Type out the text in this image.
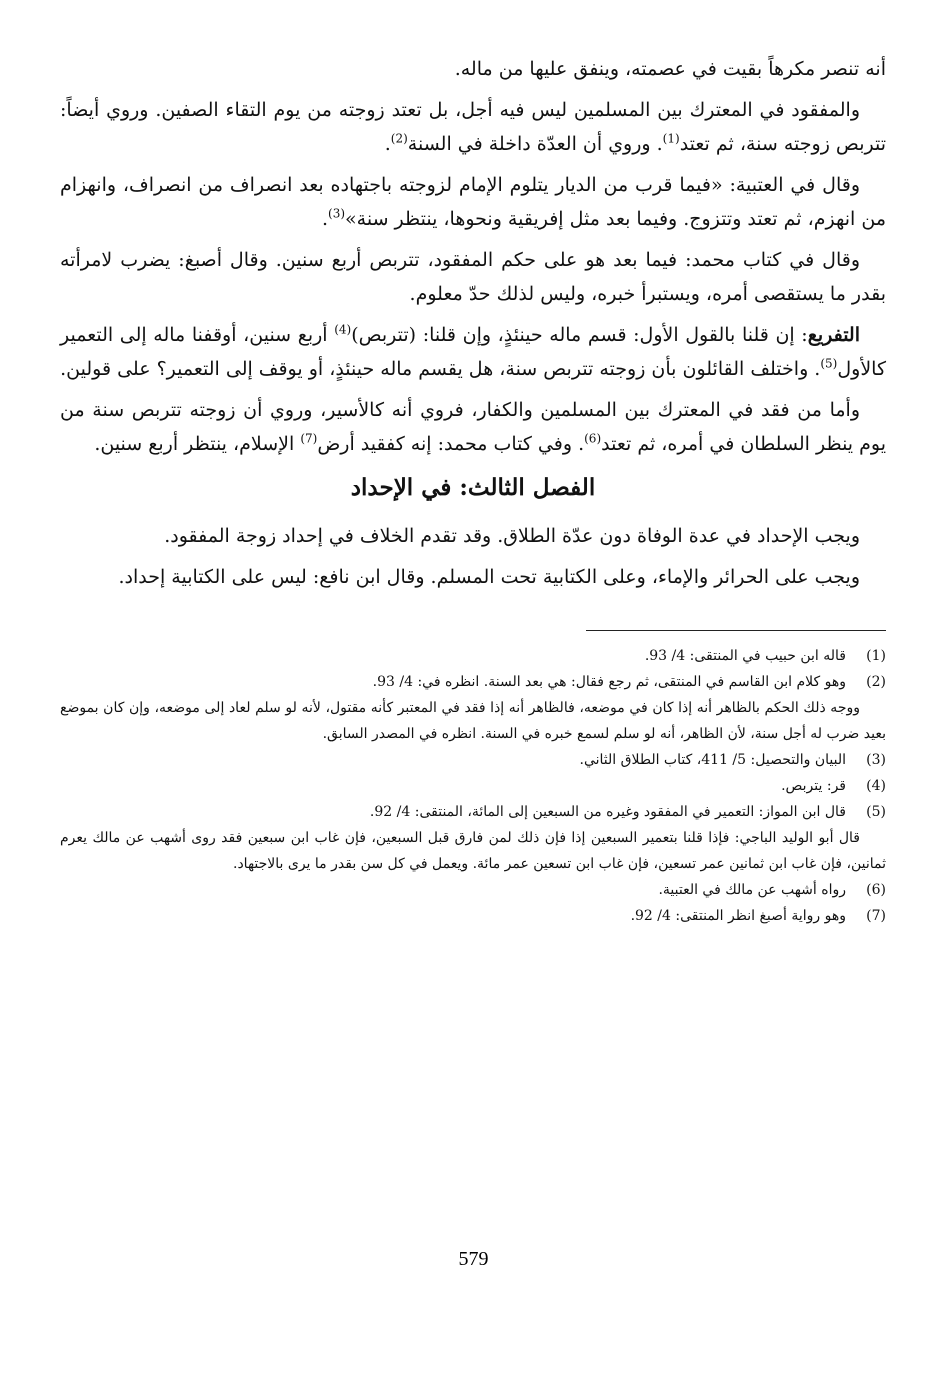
أنه تنصر مكرهاً بقيت في عصمته، وينفق عليها من ماله.

والمفقود في المعترك بين المسلمين ليس فيه أجل، بل تعتد زوجته من يوم التقاء الصفين. وروي أيضاً: تتربص زوجته سنة، ثم تعتد$^{(1)}$. وروي أن العدّة داخلة في السنة$^{(2)}$.

وقال في العتبية: «فيما قرب من الديار يتلوم الإمام لزوجته باجتهاده بعد انصراف من انصراف، وانهزام من انهزم، ثم تعتد وتتزوج. وفيما بعد مثل إفريقية ونحوها، ينتظر سنة»$^{(3)}$.

وقال في كتاب محمد: فيما بعد هو على حكم المفقود، تتربص أربع سنين. وقال أصبغ: يضرب لامرأته بقدر ما يستقصى أمره، ويستبرأ خبره، وليس لذلك حدّ معلوم.

التفريع: إن قلنا بالقول الأول: قسم ماله حينئذٍ، وإن قلنا: (تتربص)$^{(4)}$ أربع سنين، أوقفنا ماله إلى التعمير كالأول$^{(5)}$. واختلف القائلون بأن زوجته تتربص سنة، هل يقسم ماله حينئذٍ، أو يوقف إلى التعمير؟ على قولين.

وأما من فقد في المعترك بين المسلمين والكفار، فروي أنه كالأسير، وروي أن زوجته تتربص سنة من يوم ينظر السلطان في أمره، ثم تعتد$^{(6)}$. وفي كتاب محمد: إنه كفقيد أرض$^{(7)}$ الإسلام، ينتظر أربع سنين.

الفصل الثالث: في الإحداد

ويجب الإحداد في عدة الوفاة دون عدّة الطلاق. وقد تقدم الخلاف في إحداد زوجة المفقود.

ويجب على الحرائر والإماء، وعلى الكتابية تحت المسلم. وقال ابن نافع: ليس على الكتابية إحداد.

(1)
قاله ابن حبيب في المنتقى: 4/ 93.
(2)
وهو كلام ابن القاسم في المنتقى، ثم رجع فقال: هي بعد السنة. انظره في: 4/ 93.
ووجه ذلك الحكم بالظاهر أنه إذا كان في موضعه، فالظاهر أنه إذا فقد في المعتبر كأنه مقتول، لأنه لو سلم لعاد إلى موضعه، وإن كان بموضع بعيد ضرب له أجل سنة، لأن الظاهر، أنه لو سلم لسمع خبره في السنة. انظره في المصدر السابق.
(3)
البيان والتحصيل: 5/ 411، كتاب الطلاق الثاني.
(4)
قر: يتربص.
(5)
قال ابن المواز: التعمير في المفقود وغيره من السبعين إلى المائة، المنتقى: 4/ 92.
قال أبو الوليد الباجي: فإذا قلنا بتعمير السبعين إذا فإن ذلك لمن فارق قبل السبعين، فإن غاب ابن سبعين فقد روى أشهب عن مالك يعرم ثمانين، فإن غاب ابن ثمانين عمر تسعين، فإن غاب ابن تسعين عمر مائة. ويعمل في كل سن بقدر ما يرى بالاجتهاد.
(6)
رواه أشهب عن مالك في العتبية.
(7)
وهو رواية أصبغ انظر المنتقى: 4/ 92.
579
